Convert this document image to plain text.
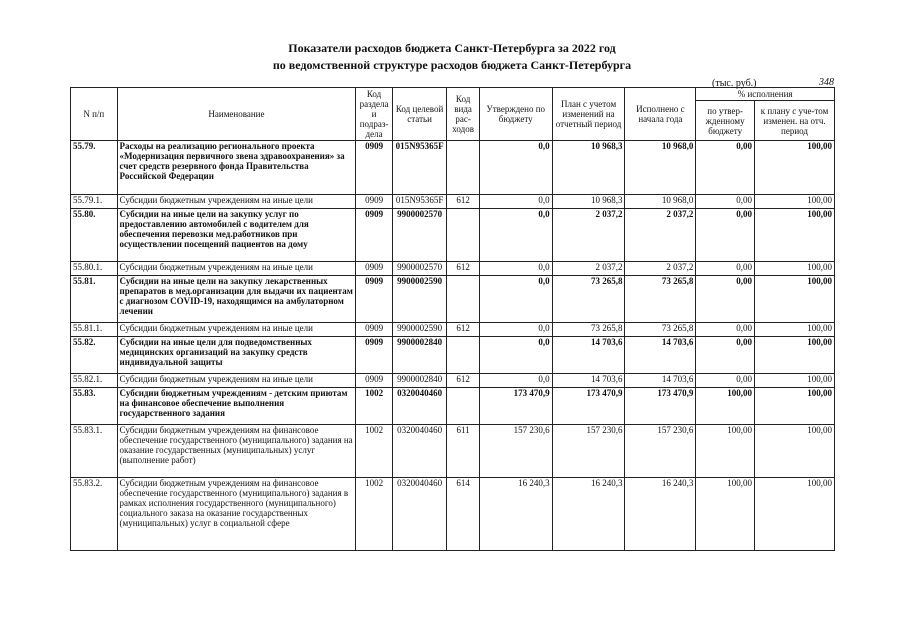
Показатели расходов бюджета Санкт-Петербурга за 2022 год
по ведомственной структуре расходов бюджета Санкт-Петербурга
(тыс. руб.)	348
N п/п	Наименование	Код раздела и подраз-дела	Код целевой статьи	Код вида рас-ходов	Утверждено по бюджету	План с учетом изменений на отчетный период	Исполнено с начала года	% исполнения	
								по утвер-жденному бюджету	к плану с уче-том изменен. на отч. период
55.79.	Расходы на реализацию регионального проекта «Модернизация первичного звена здравоохранения» за счет средств резервного фонда Правительства Российской Федерации	0909	015N95365F		0,0	10 968,3	10 968,0	0,00	100,00
55.79.1.	Субсидии бюджетным учреждениям на иные цели	0909	015N95365F	612	0,0	10 968,3	10 968,0	0,00	100,00
55.80.	Субсидии на иные цели на закупку услуг по предоставлению автомобилей с водителем для обеспечения перевозки мед.работников при осуществлении посещений пациентов на дому	0909	9900002570		0,0	2 037,2	2 037,2	0,00	100,00
55.80.1.	Субсидии бюджетным учреждениям на иные цели	0909	9900002570	612	0,0	2 037,2	2 037,2	0,00	100,00
55.81.	Субсидии на иные цели на закупку лекарственных препаратов в мед.организации для выдачи их пациентам с диагнозом COVID-19, находящимся на амбулаторном лечении	0909	9900002590		0,0	73 265,8	73 265,8	0,00	100,00
55.81.1.	Субсидии бюджетным учреждениям на иные цели	0909	9900002590	612	0,0	73 265,8	73 265,8	0,00	100,00
55.82.	Субсидии на иные цели для подведомственных медицинских организаций на закупку средств индивидуальной защиты	0909	9900002840		0,0	14 703,6	14 703,6	0,00	100,00
55.82.1.	Субсидии бюджетным учреждениям на иные цели	0909	9900002840	612	0,0	14 703,6	14 703,6	0,00	100,00
55.83.	Субсидии бюджетным учреждениям - детским приютам на финансовое обеспечение выполнения государственного задания	1002	0320040460		173 470,9	173 470,9	173 470,9	100,00	100,00
55.83.1.	Субсидии бюджетным учреждениям на финансовое обеспечение государственного (муниципального) задания на оказание государственных (муниципальных) услуг (выполнение работ)	1002	0320040460	611	157 230,6	157 230,6	157 230,6	100,00	100,00
55.83.2.	Субсидии бюджетным учреждениям на финансовое обеспечение государственного (муниципального) задания в рамках исполнения государственного (муниципального) социального заказа на оказание государственных (муниципальных) услуг в социальной сфере	1002	0320040460	614	16 240,3	16 240,3	16 240,3	100,00	100,00
